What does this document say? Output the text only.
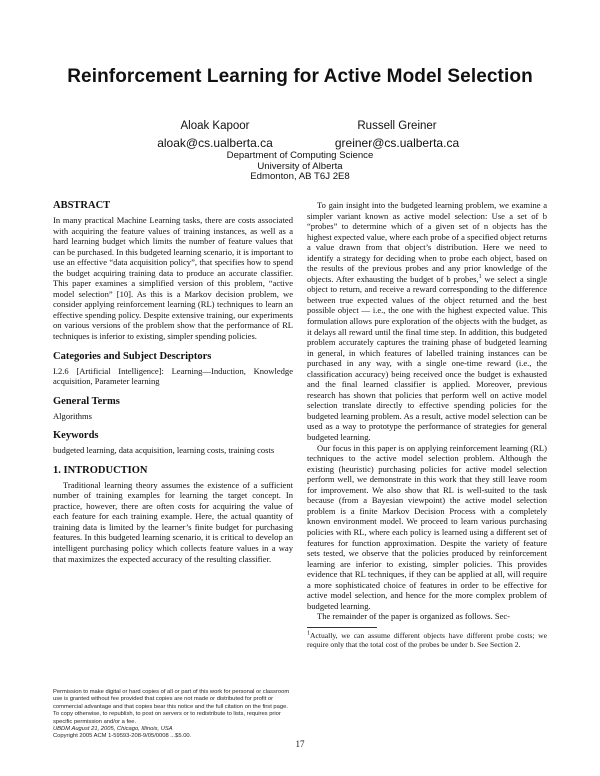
Reinforcement Learning for Active Model Selection
Aloak Kapoor
aloak@cs.ualberta.ca
Russell Greiner
greiner@cs.ualberta.ca
Department of Computing Science
University of Alberta
Edmonton, AB T6J 2E8
ABSTRACT

In many practical Machine Learning tasks, there are costs associated with acquiring the feature values of training instances, as well as a hard learning budget which limits the number of feature values that can be purchased. In this budgeted learning scenario, it is important to use an effective “data acquisition policy”, that specifies how to spend the budget acquiring training data to produce an accurate classifier. This paper examines a simplified version of this problem, “active model selection” [10]. As this is a Markov decision problem, we consider applying reinforcement learning (RL) techniques to learn an effective spending policy. Despite extensive training, our experiments on various versions of the problem show that the performance of RL techniques is inferior to existing, simpler spending policies.

Categories and Subject Descriptors

I.2.6 [Artificial Intelligence]: Learning—Induction, Knowledge acquisition, Parameter learning

General Terms

Algorithms

Keywords

budgeted learning, data acquisition, learning costs, training costs

1. INTRODUCTION

Traditional learning theory assumes the existence of a sufficient number of training examples for learning the target concept. In practice, however, there are often costs for acquiring the value of each feature for each training example. Here, the actual quantity of training data is limited by the learner’s finite budget for purchasing features. In this budgeted learning scenario, it is critical to develop an intelligent purchasing policy which collects feature values in a way that maximizes the expected accuracy of the resulting classifier.

Permission to make digital or hard copies of all or part of this work for personal or classroom use is granted without fee provided that copies are not made or distributed for profit or commercial advantage and that copies bear this notice and the full citation on the first page. To copy otherwise, to republish, to post on servers or to redistribute to lists, requires prior specific permission and/or a fee.
UBDM August 21, 2005, Chicago, Illinois, USA
Copyright 2005 ACM 1-59593-208-9/05/0008 ...$5.00.

To gain insight into the budgeted learning problem, we examine a simpler variant known as active model selection: Use a set of b “probes” to determine which of a given set of n objects has the highest expected value, where each probe of a specified object returns a value drawn from that object’s distribution. Here we need to identify a strategy for deciding when to probe each object, based on the results of the previous probes and any prior knowledge of the objects. After exhausting the budget of b probes,$^1$ we select a single object to return, and receive a reward corresponding to the difference between true expected values of the object returned and the best possible object — i.e., the one with the highest expected value. This formulation allows pure exploration of the objects with the budget, as it delays all reward until the final time step. In addition, this budgeted problem accurately captures the training phase of budgeted learning in general, in which features of labelled training instances can be purchased in any way, with a single one-time reward (i.e., the classification accuracy) being received once the budget is exhausted and the final learned classifier is applied. Moreover, previous research has shown that policies that perform well on active model selection translate directly to effective spending policies for the budgeted learning problem. As a result, active model selection can be used as a way to prototype the performance of strategies for general budgeted learning.

Our focus in this paper is on applying reinforcement learning (RL) techniques to the active model selection problem. Although the existing (heuristic) purchasing policies for active model selection perform well, we demonstrate in this work that they still leave room for improvement. We also show that RL is well-suited to the task because (from a Bayesian viewpoint) the active model selection problem is a finite Markov Decision Process with a completely known environment model. We proceed to learn various purchasing policies with RL, where each policy is learned using a different set of features for function approximation. Despite the variety of feature sets tested, we observe that the policies produced by reinforcement learning are inferior to existing, simpler policies. This provides evidence that RL techniques, if they can be applied at all, will require a more sophisticated choice of features in order to be effective for active model selection, and hence for the more complex problem of budgeted learning.

The remainder of the paper is organized as follows. Sec-

$^1$Actually, we can assume different objects have different probe costs; we require only that the total cost of the probes be under b. See Section 2.

17
